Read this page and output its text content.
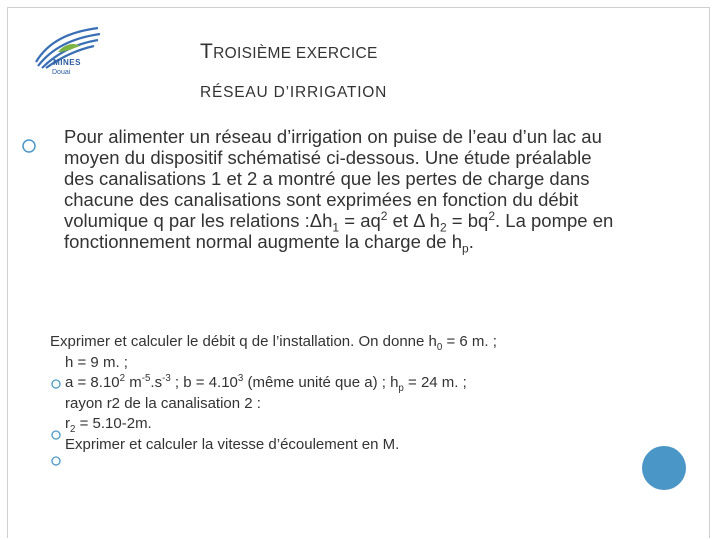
MINES
Douai
TROISIÈME EXERCICE
RÉSEAU D’IRRIGATION
Pour alimenter un réseau d’irrigation on puise de l’eau d’un lac au moyen du dispositif schématisé ci-dessous. Une étude préalable des canalisations 1 et 2 a montré que les pertes de charge dans chacune des canalisations sont exprimées en fonction du débit volumique q par les relations $:\Delta h_1 = aq^2$ et Δ $h_2 = bq^2$. La pompe en fonctionnement normal augmente la charge de $h_p$.
Exprimer et calculer le débit q de l’installation. On donne $h_0 = 6$ m. ;
h = 9 m. ;
$a = 8.10^2$ $m^{-5}.s^{-3}$ ; $b = 4.10^3$ (même unité que a) ; $h_p = 24$ m. ;
rayon r2 de la canalisation 2 :
$r_2 = 5.10-2m$.
Exprimer et calculer la vitesse d’écoulement en M.
